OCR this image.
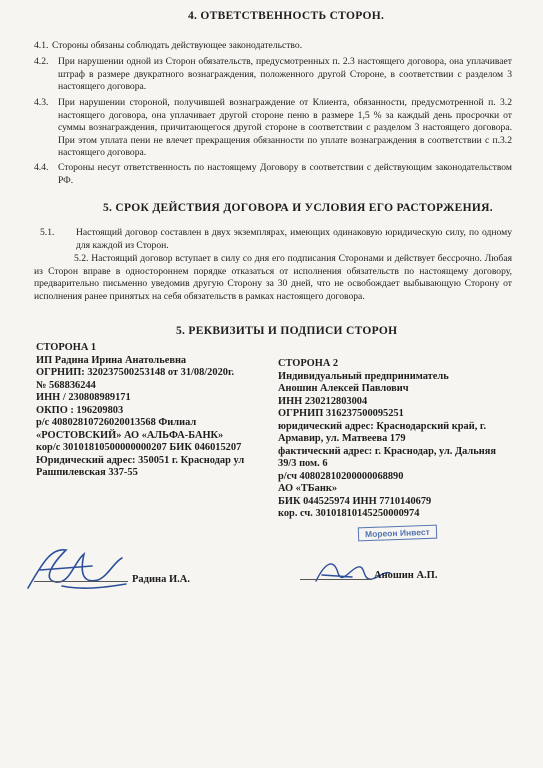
4. ОТВЕТСТВЕННОСТЬ СТОРОН.
4.1. Стороны обязаны соблюдать действующее законодательство.
4.2. При нарушении одной из Сторон обязательств, предусмотренных п. 2.3 настоящего договора, она уплачивает штраф в размере двукратного вознаграждения, положенного другой Стороне, в соответствии с разделом 3 настоящего договора.
4.3. При нарушении стороной, получившей вознаграждение от Клиента, обязанности, предусмотренной п. 3.2 настоящего договора, она уплачивает другой стороне пеню в размере 1,5 % за каждый день просрочки от суммы вознаграждения, причитающегося другой стороне в соответствии с разделом 3 настоящего договора. При этом уплата пени не влечет прекращения обязанности по уплате вознаграждения в соответствии с п.3.2 настоящего договора.
4.4. Стороны несут ответственность по настоящему Договору в соответствии с действующим законодательством РФ.
5. СРОК ДЕЙСТВИЯ ДОГОВОРА И УСЛОВИЯ ЕГО РАСТОРЖЕНИЯ.
5.1. Настоящий договор составлен в двух экземплярах, имеющих одинаковую юридическую силу, по одному для каждой из Сторон.
5.2. Настоящий договор вступает в силу со дня его подписания Сторонами и действует бессрочно. Любая из Сторон вправе в одностороннем порядке отказаться от исполнения обязательств по настоящему договору, предварительно письменно уведомив другую Сторону за 30 дней, что не освобождает выбывающую Сторону от исполнения ранее принятых на себя обязательств в рамках настоящего договора.
5. РЕКВИЗИТЫ И ПОДПИСИ СТОРОН
СТОРОНА 1
ИП Радина Ирина Анатольевна
ОГРНИП: 320237500253148 от 31/08/2020г.
№ 568836244
ИНН / 230808989171
ОКПО : 196209803
р/с 40802810726020013568 Филиал
«РОСТОВСКИЙ» АО «АЛЬФА-БАНК»
кор/с 30101810500000000207 БИК 046015207
Юридический адрес: 350051 г. Краснодар ул
Рашпилевская 337-55
СТОРОНА 2
Индивидуальный предприниматель
Аношин Алексей Павлович
ИНН 230212803004
ОГРНИП 316237500095251
юридический адрес: Краснодарский край, г.
Армавир, ул. Матвеева 179
фактический адрес: г. Краснодар, ул. Дальняя
39/3 пом. 6
р/сч 40802810200000068890
АО «ТБанк»
БИК 044525974 ИНН 7710140679
кор. сч. 30101810145250000974
Мореон Инвест
Радина И.А.	Аношин А.П.
